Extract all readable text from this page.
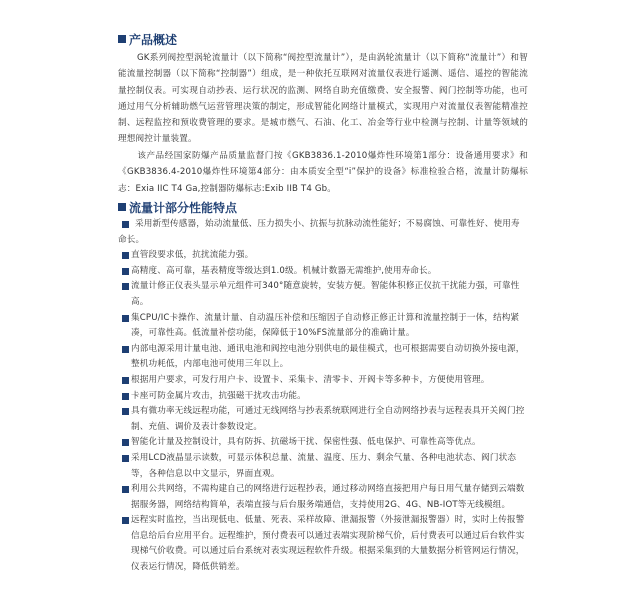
产品概述

GK系列阀控型涡轮流量计（以下简称“阀控型流量计”），是由涡轮流量计（以下简称“流量计”）和智能流量控制器（以下简称“控制器”）组成，是一种依托互联网对流量仪表进行遥测、遥信、遥控的智能流量控制仪表。可实现自动抄表、运行状况的监测、网络自助充值缴费、安全报警、阀门控制等功能，也可通过用气分析辅助燃气运营管理决策的制定，形成智能化网络计量模式，实现用户对流量仪表智能精准控制、远程监控和预收费管理的要求。是城市燃气、石油、化工、冶金等行业中检测与控制、计量等领域的理想阀控计量装置。

该产品经国家防爆产品质量监督门按《GKB3836.1-2010爆炸性环境第1部分：设备通用要求》和《GKB3836.4-2010爆炸性环境第4部分：由本质安全型“i”保护的设备》标准检验合格，流量计防爆标志：Exia IIC T4 Ga,控制器防爆标志:Exib IIB T4 Gb。

流量计部分性能特点
采用新型传感器，始动流量低、压力损失小、抗振与抗脉动流性能好；不易腐蚀、可靠性好、使用寿命长。
直管段要求低，抗扰流能力强。
高精度、高可靠，基表精度等级达到1.0级。机械计数器无需维护,使用寿命长。
流量计修正仪表头显示单元组件可340°随意旋转，安装方便。智能体积修正仪抗干扰能力强，可靠性高。
集CPU/IC卡操作、流量计量、自动温压补偿和压缩因子自动修正修正计算和流量控制于一体，结构紧凑，可靠性高。低流量补偿功能，保障低于10%FS流量部分的准确计量。
内部电源采用计量电池、通讯电池和阀控电池分别供电的最佳模式，也可根据需要自动切换外接电源，整机功耗低，内部电池可使用三年以上。
根据用户要求，可发行用户卡、设置卡、采集卡、清零卡、开阀卡等多种卡，方便使用管理。
卡座可防金属片攻击，抗强磁干扰攻击功能。
具有微功率无线远程功能，可通过无线网络与抄表系统联网进行全自动网络抄表与远程表具开关阀门控制、充值、调价及表计参数设定。
智能化计量及控制设计，具有防拆、抗磁场干扰、保密性强、低电保护、可靠性高等优点。
采用LCD液晶显示读数，可显示体积总量、流量、温度、压力、剩余气量、各种电池状态、阀门状态等，各种信息以中文显示，界面直观。
利用公共网络，不需构建自己的网络进行远程抄表，通过移动网络直接把用户每日用气量存储到云端数据服务器，网络结构简单，表端直接与后台服务端通信，支持使用2G、4G、NB-IOT等无线模组。
远程实时监控，当出现低电、低量、死表、采样故障、泄漏报警（外接泄漏报警器）时，实时上传报警信息给后台应用平台。远程维护，预付费表可以通过表端实现阶梯气价，后付费表可以通过后台软件实现梯气价收费。可以通过后台系统对表实现远程软件升级。根据采集到的大量数据分析管网运行情况，仪表运行情况，降低供销差。
